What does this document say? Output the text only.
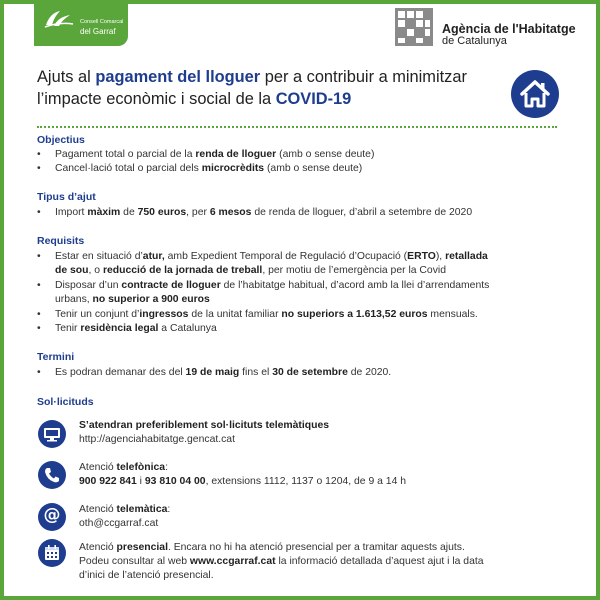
Consell Comarcal
del Garraf	Agència de l'Habitatge
de Catalunya
Ajuts al pagament del lloguer per a contribuir a minimitzar l’impacte econòmic i social de la COVID-19
Objectius
• Pagament total o parcial de la renda de lloguer (amb o sense deute)
• Cancel·lació total o parcial dels microcrèdits (amb o sense deute)
Tipus d’ajut
• Import màxim de 750 euros, per 6 mesos de renda de lloguer, d’abril a setembre de 2020
Requisits
• Estar en situació d’atur, amb Expedient Temporal de Regulació d’Ocupació (ERTO), retallada
de sou, o reducció de la jornada de treball, per motiu de l’emergència per la Covid
• Disposar d’un contracte de lloguer de l’habitatge habitual, d’acord amb la llei d’arrendaments
urbans, no superior a 900 euros
• Tenir un conjunt d’ingressos de la unitat familiar no superiors a 1.613,52 euros mensuals.
• Tenir residència legal a Catalunya
Termini
• Es podran demanar des del 19 de maig fins el 30 de setembre de 2020.
Sol·licituds
S’atendran preferiblement sol·licituts telemàtiques
http://agenciahabitatge.gencat.cat
Atenció telefònica:
900 922 841 i 93 810 04 00, extensions 1112, 1137 o 1204, de 9 a 14 h
@	Atenció telemàtica:
oth@ccgarraf.cat
Atenció presencial. Encara no hi ha atenció presencial per a tramitar aquests ajuts.
Podeu consultar al web www.ccgarraf.cat la informació detallada d’aquest ajut i la data
d’inici de l’atenció presencial.
